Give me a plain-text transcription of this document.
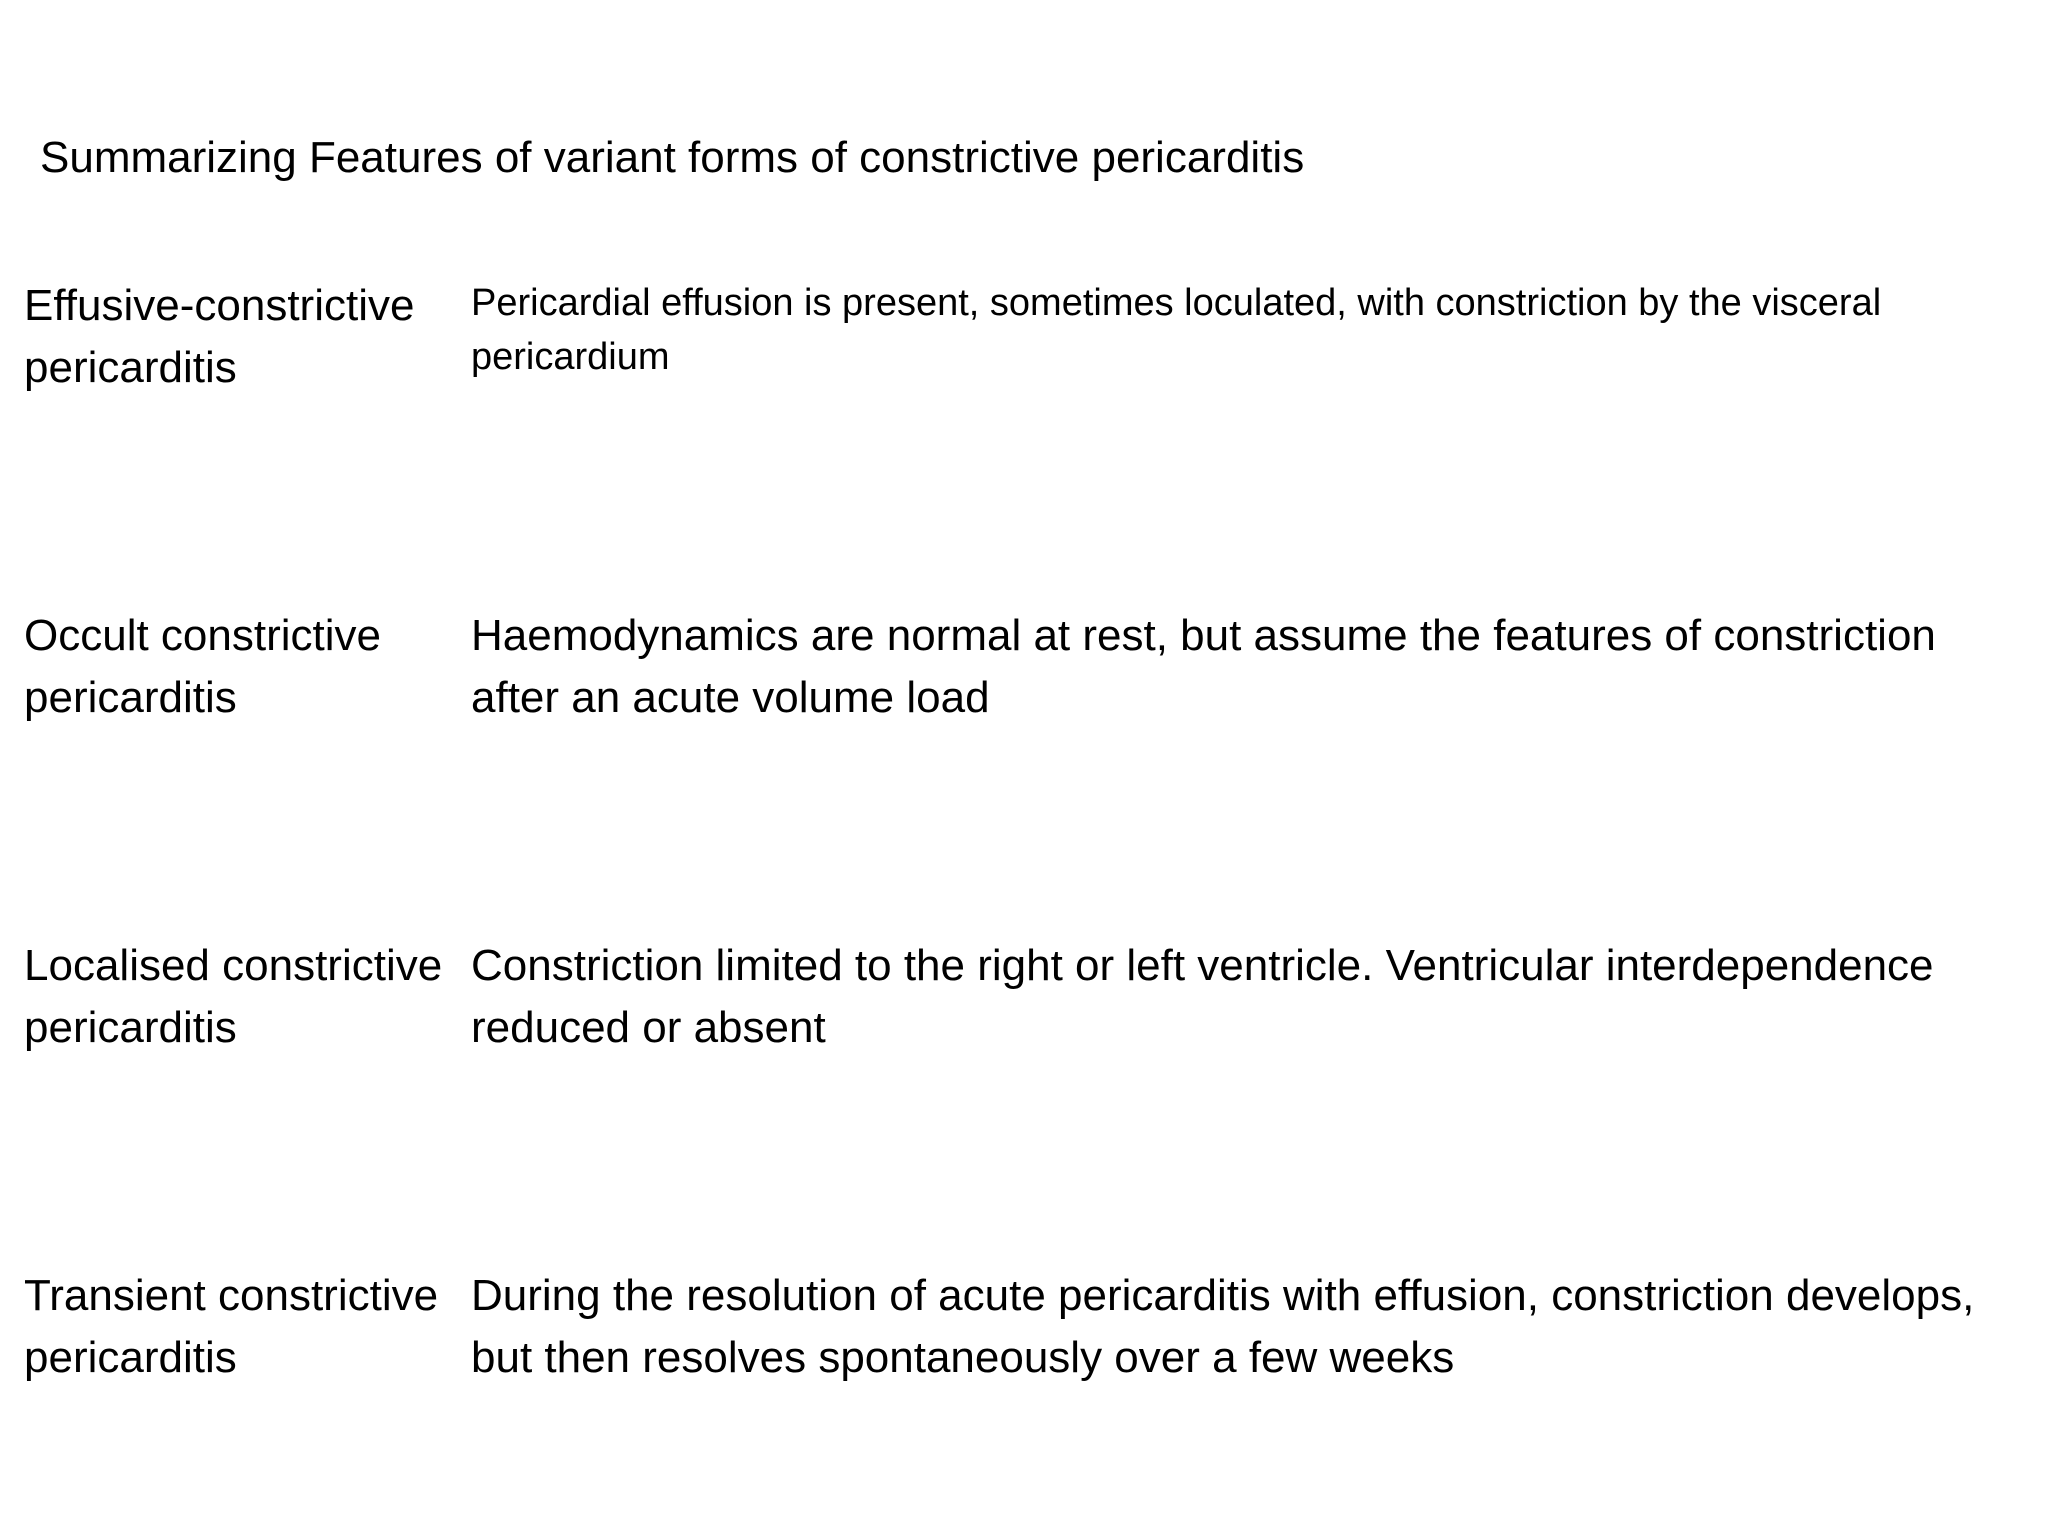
Summarizing Features of variant forms of constrictive pericarditis
Effusive-constrictive pericarditis
Pericardial effusion is present, sometimes loculated, with constriction by the visceral pericardium
Occult constrictive pericarditis
Haemodynamics are normal at rest, but assume the features of constriction after an acute volume load
Localised constrictive pericarditis
Constriction limited to the right or left ventricle. Ventricular interdependence reduced or absent
Transient constrictive pericarditis
During the resolution of acute pericarditis with effusion, constriction develops, but then resolves spontaneously over a few weeks
